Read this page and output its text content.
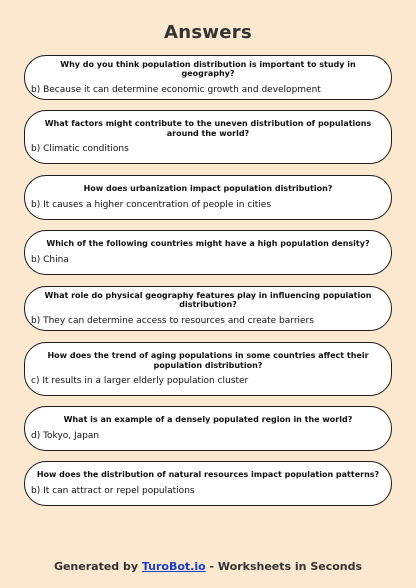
Answers
Why do you think population distribution is important to study in geography?
b) Because it can determine economic growth and development
What factors might contribute to the uneven distribution of populations around the world?
b) Climatic conditions
How does urbanization impact population distribution?
b) It causes a higher concentration of people in cities
Which of the following countries might have a high population density?
b) China
What role do physical geography features play in influencing population distribution?
b) They can determine access to resources and create barriers
How does the trend of aging populations in some countries affect their population distribution?
c) It results in a larger elderly population cluster
What is an example of a densely populated region in the world?
d) Tokyo, Japan
How does the distribution of natural resources impact population patterns?
b) It can attract or repel populations
Generated by TuroBot.io - Worksheets in Seconds
